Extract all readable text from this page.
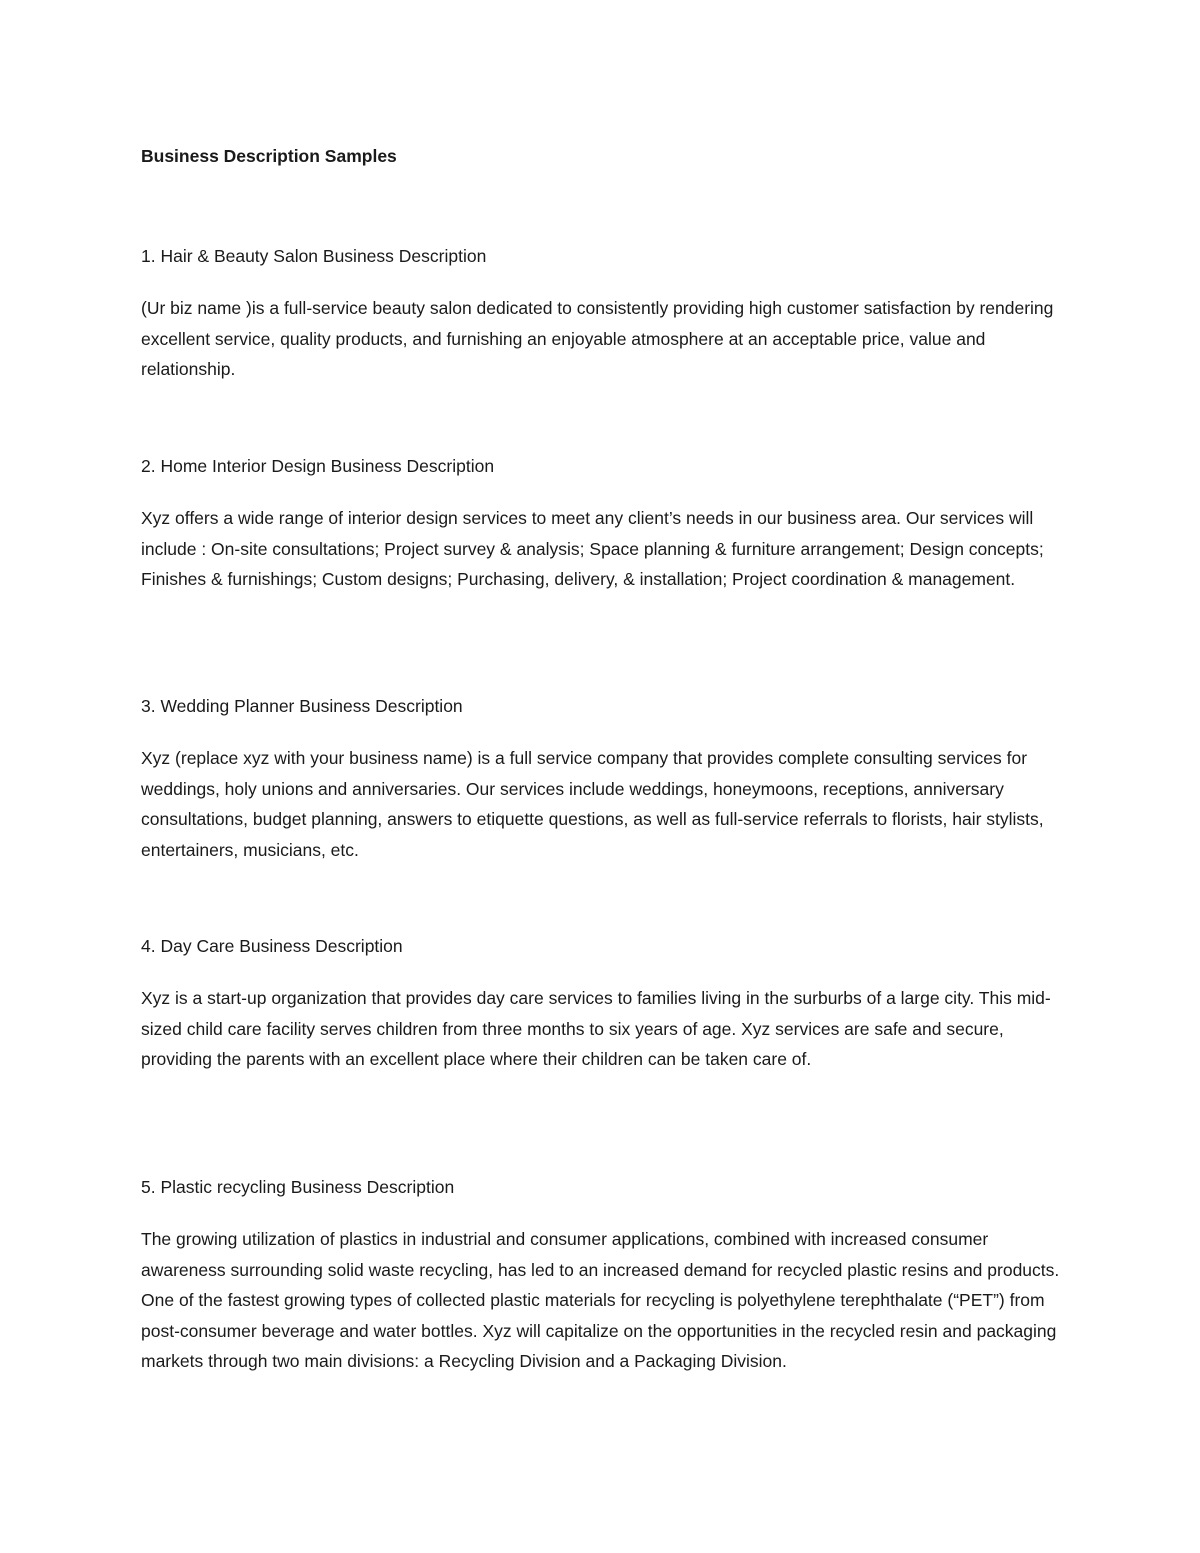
Business Description Samples
1. Hair & Beauty Salon Business Description

(Ur biz name )is a full-service beauty salon dedicated to consistently providing high customer satisfaction by rendering excellent service, quality products, and furnishing an enjoyable atmosphere at an acceptable price, value and relationship.

2. Home Interior Design Business Description

Xyz offers a wide range of interior design services to meet any client’s needs in our business area. Our services will include : On-site consultations; Project survey & analysis; Space planning & furniture arrangement; Design concepts; Finishes & furnishings; Custom designs; Purchasing, delivery, & installation; Project coordination & management.

3. Wedding Planner Business Description

Xyz (replace xyz with your business name) is a full service company that provides complete consulting services for weddings, holy unions and anniversaries. Our services include weddings, honeymoons, receptions, anniversary consultations, budget planning, answers to etiquette questions, as well as full-service referrals to florists, hair stylists, entertainers, musicians, etc.

4. Day Care Business Description

Xyz is a start-up organization that provides day care services to families living in the surburbs of a large city. This mid-sized child care facility serves children from three months to six years of age. Xyz services are safe and secure, providing the parents with an excellent place where their children can be taken care of.

5. Plastic recycling Business Description

The growing utilization of plastics in industrial and consumer applications, combined with increased consumer awareness surrounding solid waste recycling, has led to an increased demand for recycled plastic resins and products. One of the fastest growing types of collected plastic materials for recycling is polyethylene terephthalate (“PET”) from post-consumer beverage and water bottles. Xyz will capitalize on the opportunities in the recycled resin and packaging markets through two main divisions: a Recycling Division and a Packaging Division.
